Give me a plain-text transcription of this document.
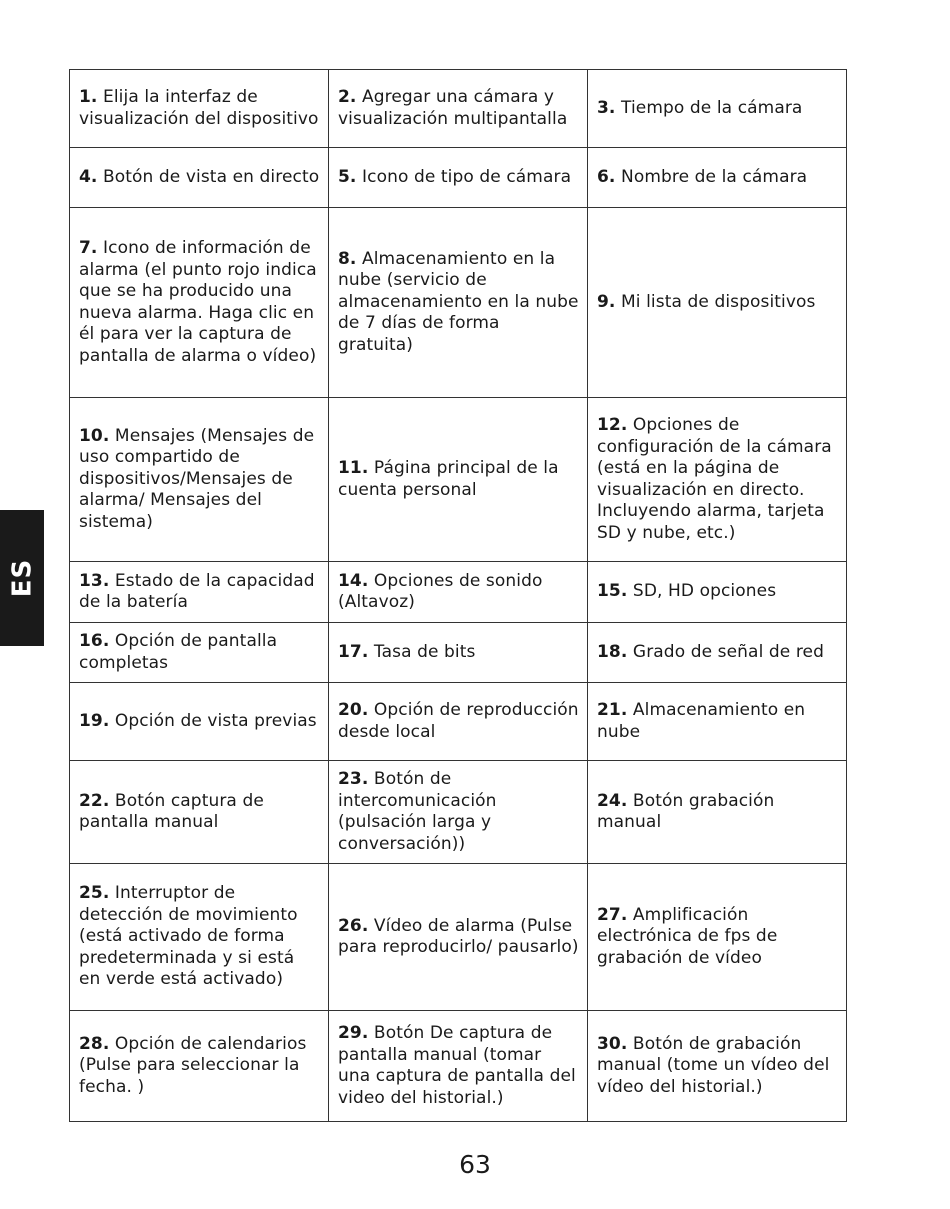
ES
1. Elija la interfaz de visualización del dispositivo	2. Agregar una cámara y visualización multipantalla	3. Tiempo de la cámara
4. Botón de vista en directo	5. Icono de tipo de cámara	6. Nombre de la cámara
7. Icono de información de alarma (el punto rojo indica que se ha producido una nueva alarma. Haga clic en él para ver la captura de pantalla de alarma o vídeo)	8. Almacenamiento en la nube (servicio de almacenamiento en la nube de 7 días de forma gratuita)	9. Mi lista de dispositivos
10. Mensajes (Mensajes de uso compartido de dispositivos/Mensajes de alarma/ Mensajes del sistema)	11. Página principal de la cuenta personal	12. Opciones de configuración de la cámara (está en la página de visualización en directo. Incluyendo alarma, tarjeta SD y nube, etc.)
13. Estado de la capacidad de la batería	14. Opciones de sonido (Altavoz)	15. SD, HD opciones
16. Opción de pantalla completas	17. Tasa de bits	18. Grado de señal de red
19. Opción de vista previas	20. Opción de reproducción desde local	21. Almacenamiento en nube
22. Botón captura de pantalla manual	23. Botón de intercomunicación (pulsación larga y conversación))	24. Botón grabación manual
25. Interruptor de detección de movimiento (está activado de forma predeterminada y si está en verde está activado)	26. Vídeo de alarma (Pulse para reproducirlo/ pausarlo)	27. Amplificación electrónica de fps de grabación de vídeo
28. Opción de calendarios (Pulse para seleccionar la fecha. )	29. Botón De captura de pantalla manual (tomar una captura de pantalla del video del historial.)	30. Botón de grabación manual (tome un vídeo del vídeo del historial.)
63
